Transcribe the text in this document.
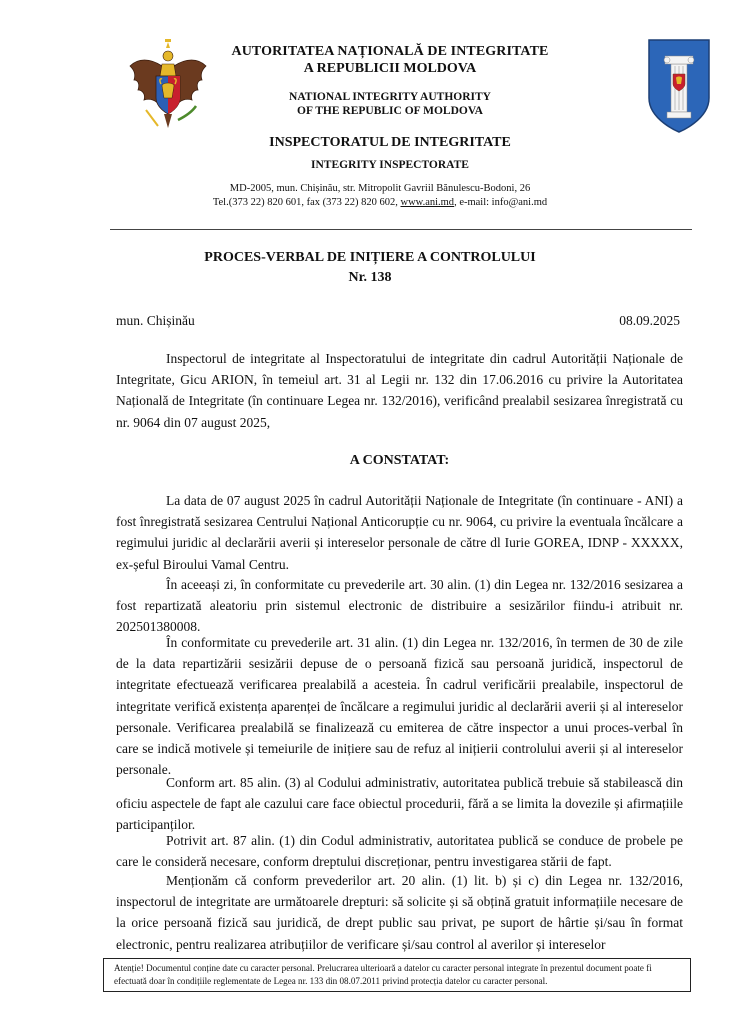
AUTORITATEA NAȚIONALĂ DE INTEGRITATE
A REPUBLICII MOLDOVA
NATIONAL INTEGRITY AUTHORITY
OF THE REPUBLIC OF MOLDOVA
INSPECTORATUL DE INTEGRITATE
INTEGRITY INSPECTORATE
MD-2005, mun. Chișinău, str. Mitropolit Gavriil Bănulescu-Bodoni, 26
Tel.(373 22) 820 601, fax (373 22) 820 602, www.ani.md, e-mail: info@ani.md
PROCES-VERBAL DE INIȚIERE A CONTROLULUI
Nr. 138
mun. Chișinău	08.09.2025

Inspectorul de integritate al Inspectoratului de integritate din cadrul Autorității Naționale de Integritate, Gicu ARION, în temeiul art. 31 al Legii nr. 132 din 17.06.2016 cu privire la Autoritatea Națională de Integritate (în continuare Legea nr. 132/2016), verificând prealabil sesizarea înregistrată cu nr. 9064 din 07 august 2025,

A CONSTATAT:

La data de 07 august 2025 în cadrul Autorității Naționale de Integritate (în continuare - ANI) a fost înregistrată sesizarea Centrului Național Anticorupție cu nr. 9064, cu privire la eventuala încălcare a regimului juridic al declarării averii și intereselor personale de către dl Iurie GOREA, IDNP - XXXXX, ex-șeful Biroului Vamal Centru.

În aceeași zi, în conformitate cu prevederile art. 30 alin. (1) din Legea nr. 132/2016 sesizarea a fost repartizată aleatoriu prin sistemul electronic de distribuire a sesizărilor fiindu-i atribuit nr. 202501380008.

În conformitate cu prevederile art. 31 alin. (1) din Legea nr. 132/2016, în termen de 30 de zile de la data repartizării sesizării depuse de o persoană fizică sau persoană juridică, inspectorul de integritate efectuează verificarea prealabilă a acesteia. În cadrul verificării prealabile, inspectorul de integritate verifică existența aparenței de încălcare a regimului juridic al declarării averii și al intereselor personale. Verificarea prealabilă se finalizează cu emiterea de către inspector a unui proces-verbal în care se indică motivele și temeiurile de inițiere sau de refuz al inițierii controlului averii și al intereselor personale.

Conform art. 85 alin. (3) al Codului administrativ, autoritatea publică trebuie să stabilească din oficiu aspectele de fapt ale cazului care face obiectul procedurii, fără a se limita la dovezile și afirmațiile participanților.

Potrivit art. 87 alin. (1) din Codul administrativ, autoritatea publică se conduce de probele pe care le consideră necesare, conform dreptului discreționar, pentru investigarea stării de fapt.

Menționăm că conform prevederilor art. 20 alin. (1) lit. b) și c) din Legea nr. 132/2016, inspectorul de integritate are următoarele drepturi: să solicite și să obțină gratuit informațiile necesare de la orice persoană fizică sau juridică, de drept public sau privat, pe suport de hârtie și/sau în format electronic, pentru realizarea atribuțiilor de verificare și/sau control al averilor și intereselor

Atenție! Documentul conține date cu caracter personal. Prelucrarea ulterioară a datelor cu caracter personal integrate în prezentul document poate fi efectuată doar în condițiile reglementate de Legea nr. 133 din 08.07.2011 privind protecția datelor cu caracter personal.
